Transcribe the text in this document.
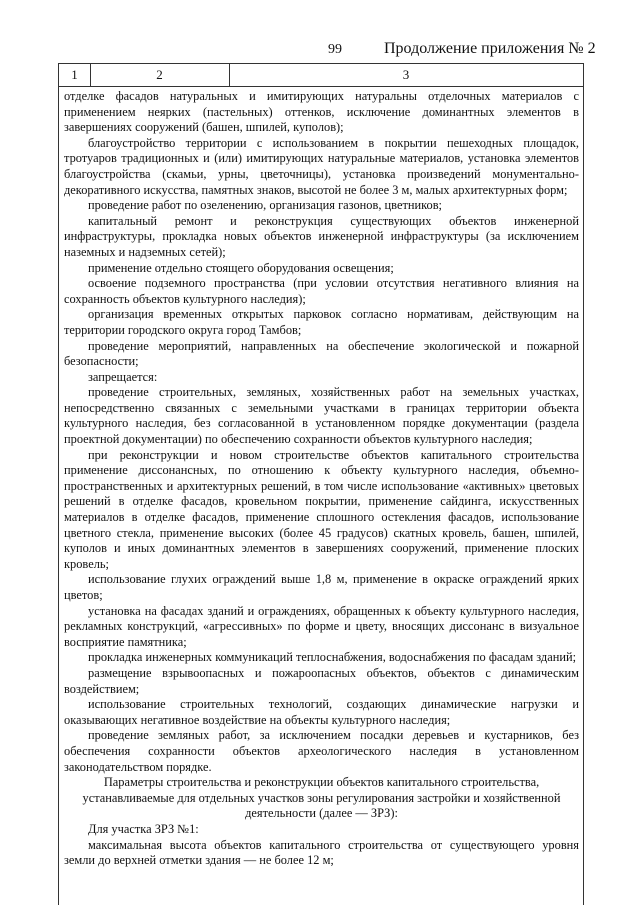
99	Продолжение приложения № 2
1	2	3

отделке фасадов натуральных и имитирующих натуральны отделочных материалов с применением неярких (пастельных) оттенков, исключение доминантных элементов в завершениях сооружений (башен, шпилей, куполов);

благоустройство территории с использованием в покрытии пешеходных площадок, тротуаров традиционных и (или) имитирующих натуральные материалов, установка элементов благоустройства (скамьи, урны, цветочницы), установка произведений монументально-декоративного искусства, памятных знаков, высотой не более 3 м, малых архитектурных форм;

проведение работ по озеленению, организация газонов, цветников;

капитальный ремонт и реконструкция существующих объектов инженерной инфраструктуры, прокладка новых объектов инженерной инфраструктуры (за исключением наземных и надземных сетей);

применение отдельно стоящего оборудования освещения;

освоение подземного пространства (при условии отсутствия негативного влияния на сохранность объектов культурного наследия);

организация временных открытых парковок согласно нормативам, действующим на территории городского округа город Тамбов;

проведение мероприятий, направленных на обеспечение экологической и пожарной безопасности;

запрещается:

проведение строительных, земляных, хозяйственных работ на земельных участках, непосредственно связанных с земельными участками в границах территории объекта культурного наследия, без согласованной в установленном порядке документации (раздела проектной документации) по обеспечению сохранности объектов культурного наследия;

при реконструкции и новом строительстве объектов капитального строительства применение диссонансных, по отношению к объекту культурного наследия, объемно-пространственных и архитектурных решений, в том числе использование «активных» цветовых решений в отделке фасадов, кровельном покрытии, применение сайдинга, искусственных материалов в отделке фасадов, применение сплошного остекления фасадов, использование цветного стекла, применение высоких (более 45 градусов) скатных кровель, башен, шпилей, куполов и иных доминантных элементов в завершениях сооружений, применение плоских кровель;

использование глухих ограждений выше 1,8 м, применение в окраске ограждений ярких цветов;

установка на фасадах зданий и ограждениях, обращенных к объекту культурного наследия, рекламных конструкций, «агрессивных» по форме и цвету, вносящих диссонанс в визуальное восприятие памятника;

прокладка инженерных коммуникаций теплоснабжения, водоснабжения по фасадам зданий;

размещение взрывоопасных и пожароопасных объектов, объектов с динамическим воздействием;

использование строительных технологий, создающих динамические нагрузки и оказывающих негативное воздействие на объекты культурного наследия;

проведение земляных работ, за исключением посадки деревьев и кустарников, без обеспечения сохранности объектов археологического наследия в установленном законодательством порядке.

Параметры строительства и реконструкции объектов капитального строительства, устанавливаемые для отдельных участков зоны регулирования застройки и хозяйственной деятельности (далее — ЗРЗ):

Для участка ЗРЗ №1:

максимальная высота объектов капитального строительства от существующего уровня земли до верхней отметки здания — не более 12 м;
